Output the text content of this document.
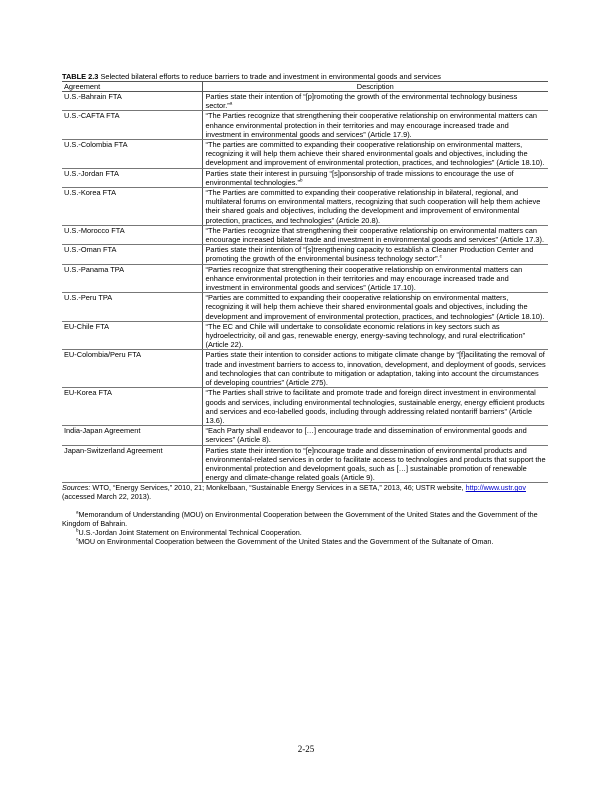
TABLE 2.3 Selected bilateral efforts to reduce barriers to trade and investment in environmental goods and services
Agreement	Description
U.S.-Bahrain FTA	Parties state their intention of “[p]romoting the growth of the environmental technology business sector.”$^a$
U.S.-CAFTA FTA	“The Parties recognize that strengthening their cooperative relationship on environmental matters can enhance environmental protection in their territories and may encourage increased trade and investment in environmental goods and services” (Article 17.9).
U.S.-Colombia FTA	“The parties are committed to expanding their cooperative relationship on environmental matters, recognizing it will help them achieve their shared environmental goals and objectives, including the development and improvement of environmental protection, practices, and technologies” (Article 18.10).
U.S.-Jordan FTA	Parties state their interest in pursuing “[s]ponsorship of trade missions to encourage the use of environmental technologies.”$^b$
U.S.-Korea FTA	“The Parties are committed to expanding their cooperative relationship in bilateral, regional, and multilateral forums on environmental matters, recognizing that such cooperation will help them achieve their shared goals and objectives, including the development and improvement of environmental protection, practices, and technologies” (Article 20.8).
U.S.-Morocco FTA	“The Parties recognize that strengthening their cooperative relationship on environmental matters can encourage increased bilateral trade and investment in environmental goods and services” (Article 17.3).
U.S.-Oman FTA	Parties state their intention of “[s]trengthening capacity to establish a Cleaner Production Center and promoting the growth of the environmental business technology sector”.$^c$
U.S.-Panama TPA	“Parties recognize that strengthening their cooperative relationship on environmental matters can enhance environmental protection in their territories and may encourage increased trade and investment in environmental goods and services” (Article 17.10).
U.S.-Peru TPA	“Parties are committed to expanding their cooperative relationship on environmental matters, recognizing it will help them achieve their shared environmental goals and objectives, including the development and improvement of environmental protection, practices, and technologies” (Article 18.10).
EU-Chile FTA	“The EC and Chile will undertake to consolidate economic relations in key sectors such as hydroelectricity, oil and gas, renewable energy, energy-saving technology, and rural electrification” (Article 22).
EU-Colombia/Peru FTA	Parties state their intention to consider actions to mitigate climate change by “[f]acilitating the removal of trade and investment barriers to access to, innovation, development, and deployment of goods, services and technologies that can contribute to mitigation or adaptation, taking into account the circumstances of developing countries” (Article 275).
EU-Korea FTA	“The Parties shall strive to facilitate and promote trade and foreign direct investment in environmental goods and services, including environmental technologies, sustainable energy, energy efficient products and services and eco-labelled goods, including through addressing related nontariff barriers” (Article 13.6).
India-Japan Agreement	“Each Party shall endeavor to […] encourage trade and dissemination of environmental goods and services” (Article 8).
Japan-Switzerland Agreement	Parties state their intention to “[e]ncourage trade and dissemination of environmental products and environmental-related services in order to facilitate access to technologies and products that support the environmental protection and development goals, such as […] sustainable promotion of renewable energy and climate-change related goals (Article 9).
Sources: WTO, “Energy Services,” 2010, 21; Monkelbaan, “Sustainable Energy Services in a SETA,” 2013, 46; USTR website, http://www.ustr.gov (accessed March 22, 2013).
$^a$Memorandum of Understanding (MOU) on Environmental Cooperation between the Government of the United States and the Government of the Kingdom of Bahrain.
$^b$U.S.-Jordan Joint Statement on Environmental Technical Cooperation.
$^c$MOU on Environmental Cooperation between the Government of the United States and the Government of the Sultanate of Oman.
2-25
